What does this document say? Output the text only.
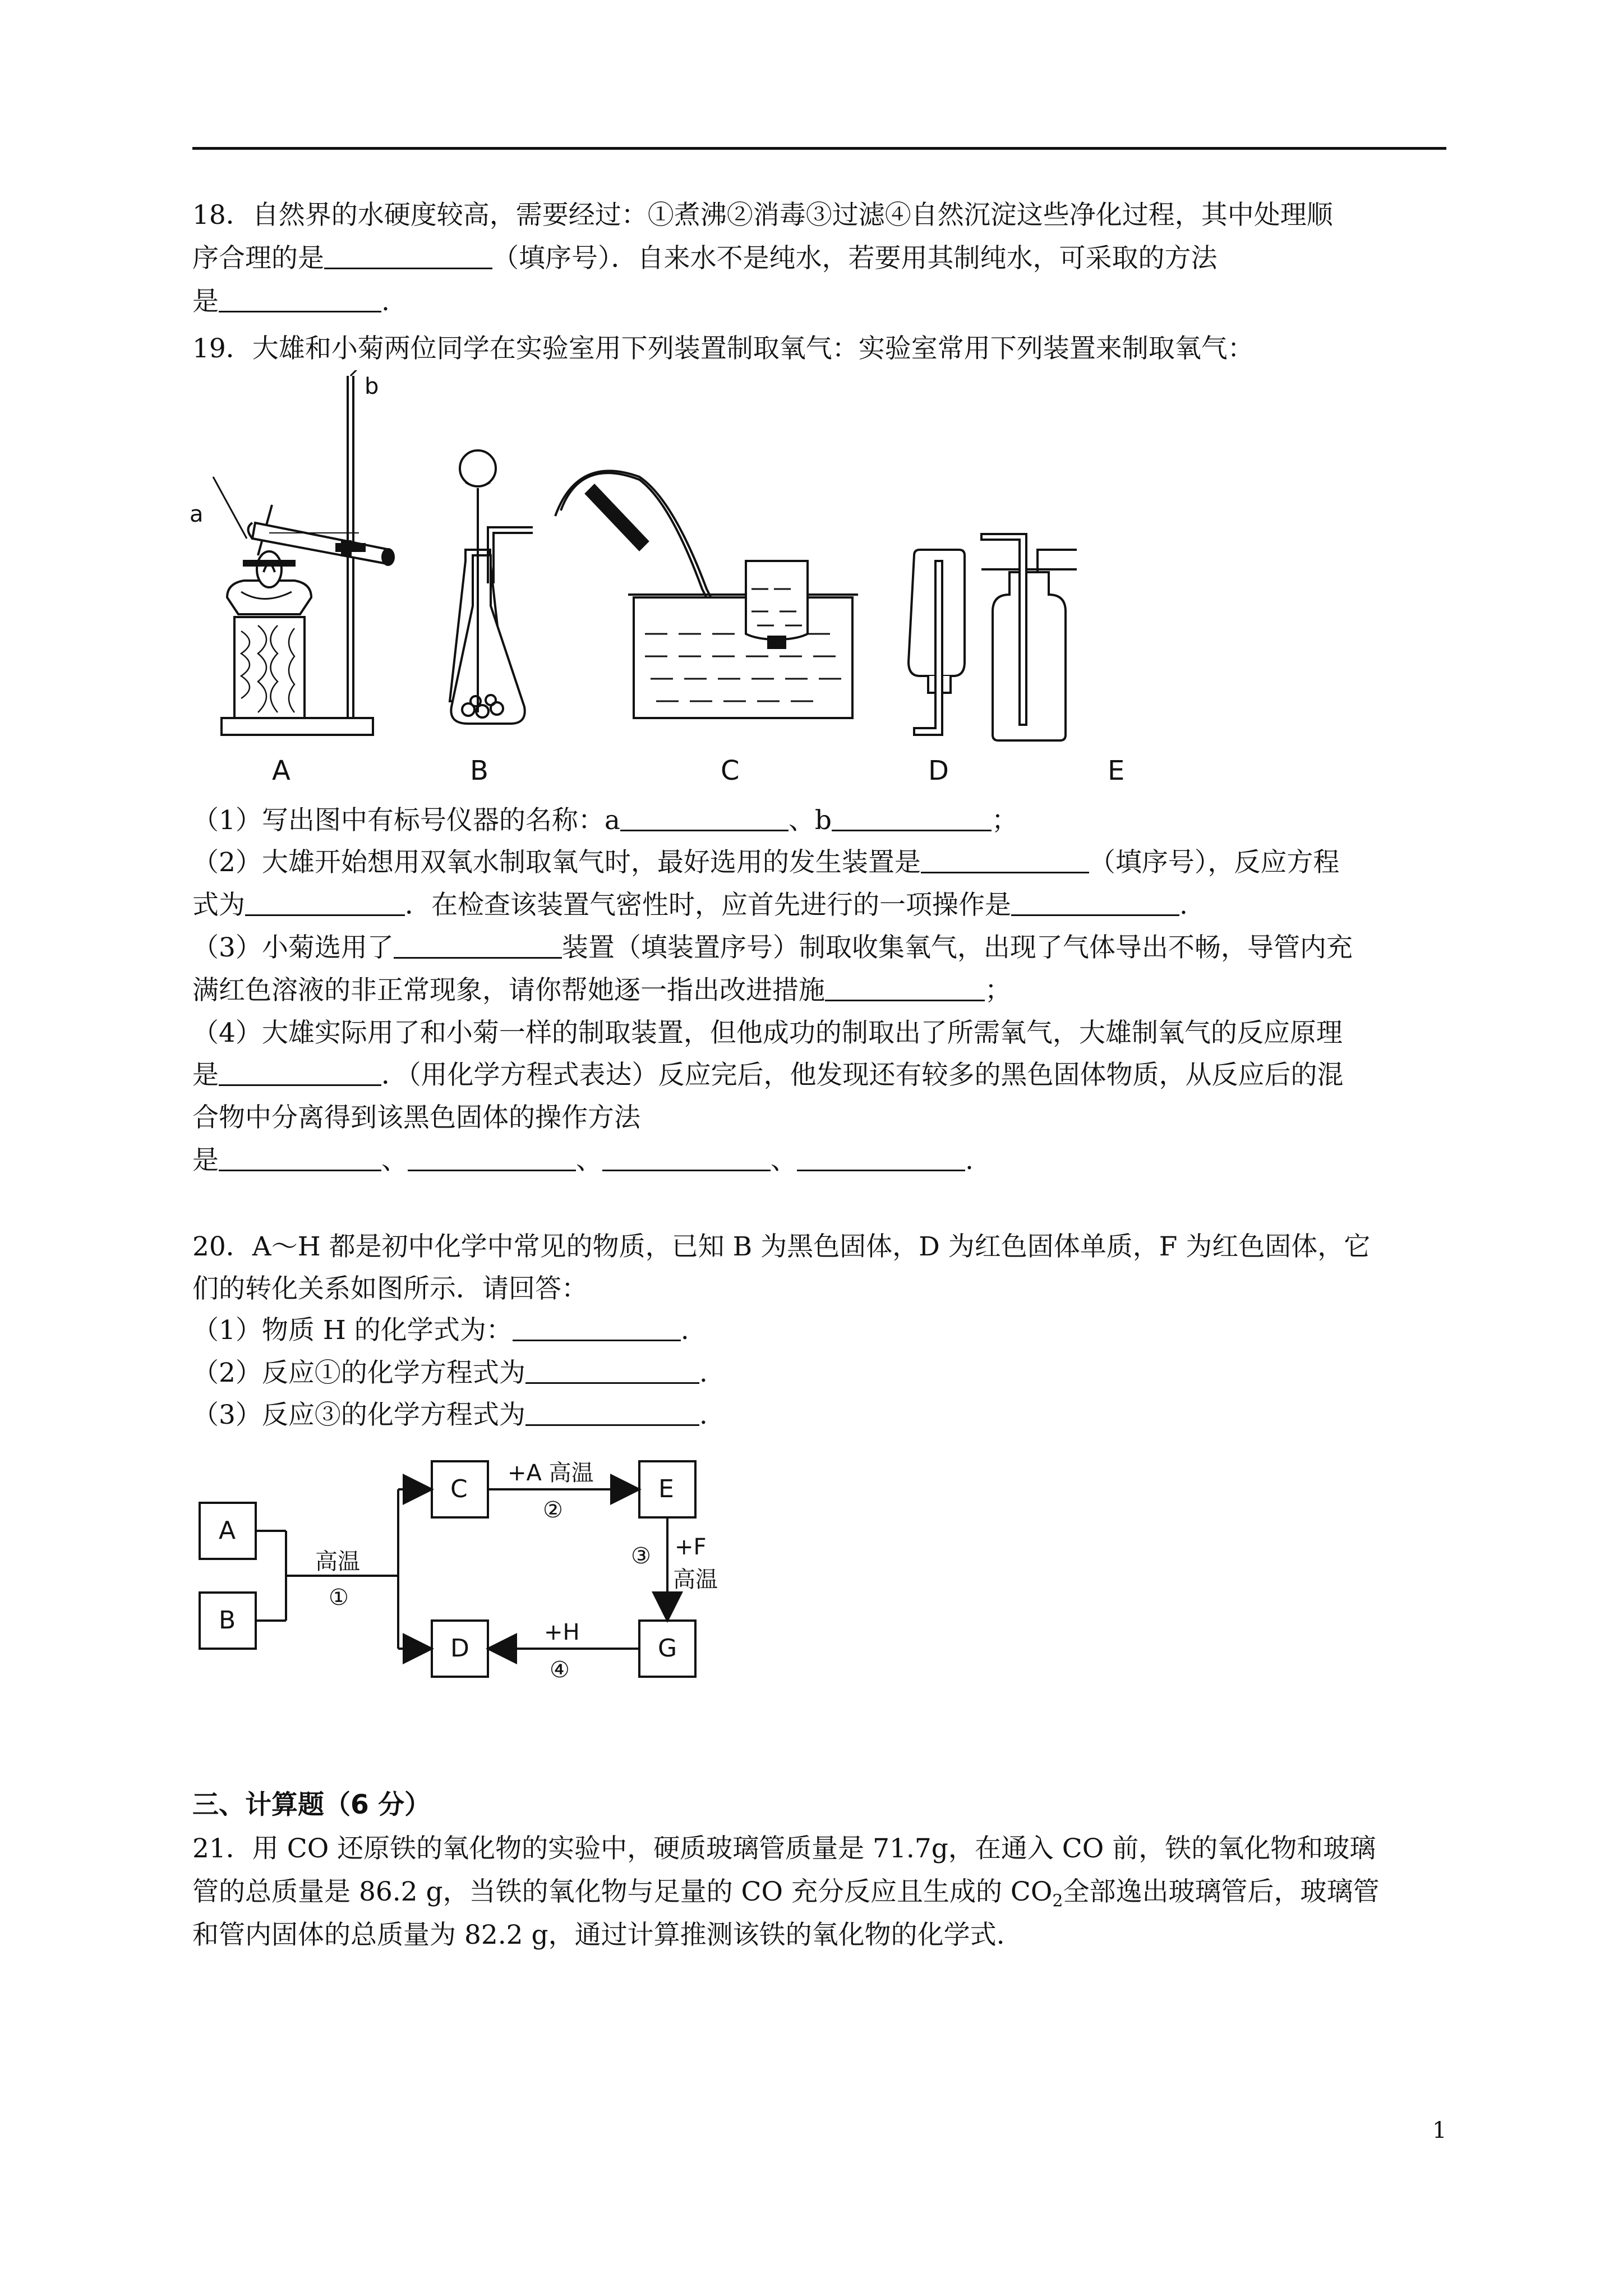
18．自然界的水硬度较高，需要经过：①煮沸②消毒③过滤④自然沉淀这些净化过程，其中处理顺
序合理的是	（填序号）．自来水不是纯水，若要用其制纯水，可采取的方法
是	.
19．大雄和小菊两位同学在实验室用下列装置制取氧气：实验室常用下列装置来制取氧气：
a
b
A	B	C	D	E
（1）写出图中有标号仪器的名称：a	、b	；
（2）大雄开始想用双氧水制取氧气时，最好选用的发生装置是	（填序号），反应方程
式为	．在检查该装置气密性时，应首先进行的一项操作是	.
（3）小菊选用了	装置（填装置序号）制取收集氧气，出现了气体导出不畅，导管内充
满红色溶液的非正常现象，请你帮她逐一指出改进措施	；
（4）大雄实际用了和小菊一样的制取装置，但他成功的制取出了所需氧气，大雄制氧气的反应原理
是	．（用化学方程式表达）反应完后，他发现还有较多的黑色固体物质，从反应后的混
合物中分离得到该黑色固体的操作方法
是	、	、	、	.
20．A～H 都是初中化学中常见的物质，已知 B 为黑色固体，D 为红色固体单质，F 为红色固体，它
们的转化关系如图所示．请回答：
（1）物质 H 的化学式为：	.
（2）反应①的化学方程式为	.
（3）反应③的化学方程式为	.
A
B
C	E
D	G
高温
①
+A 高温
②
+F
高温
③
+H
④
三、计算题（6 分）
21．用 CO 还原铁的氧化物的实验中，硬质玻璃管质量是 71.7g，在通入 CO 前，铁的氧化物和玻璃
管的总质量是 86.2 g，当铁的氧化物与足量的 CO 充分反应且生成的 $CO_2$全部逸出玻璃管后，玻璃管
和管内固体的总质量为 82.2 g，通过计算推测该铁的氧化物的化学式.
1
